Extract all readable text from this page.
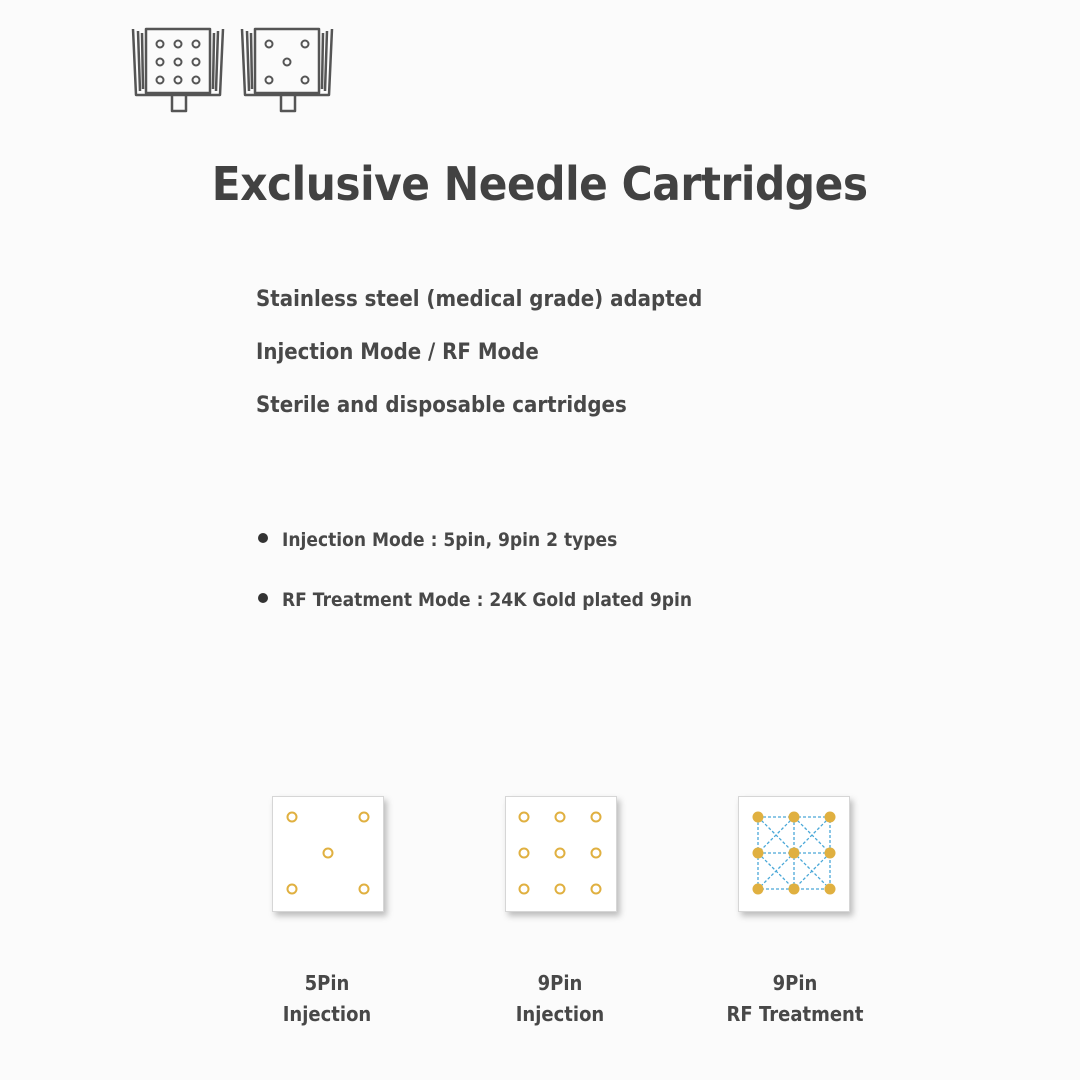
Exclusive Needle Cartridges
Stainless steel (medical grade) adapted
Injection Mode / RF Mode
Sterile and disposable cartridges
Injection Mode : 5pin, 9pin 2 types
RF Treatment Mode : 24K Gold plated 9pin
5Pin
Injection
9Pin
Injection
9Pin
RF Treatment
